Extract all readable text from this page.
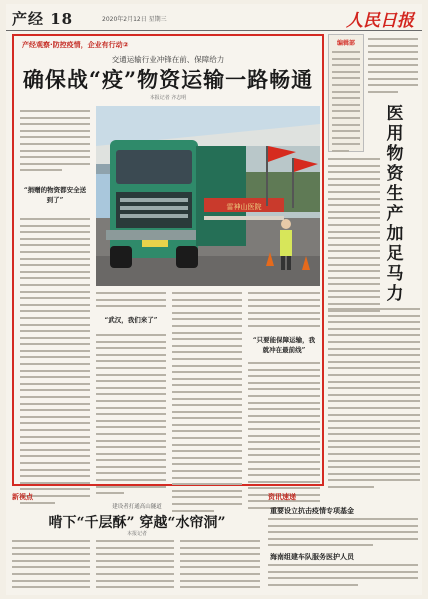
产经 18	2020年2月12日 星期三	人民日报
产经观察·防控疫情，企业有行动②
交通运输行业冲锋在前、保障给力
确保战“疫”物资运输一路畅通
本报记者 齐志明
“捐赠的物资都安全送到了”
雷神山医院
“武汉，我们来了”
“只要能保障运输，我就冲在最前线”
编辑部
医用物资生产加足马力
新视点
建设者打通高山隧道
啃下“千层酥” 穿越“水帘洞”
本报记者
资讯速递
重要设立抗击疫情专项基金
海南组建车队服务医护人员
